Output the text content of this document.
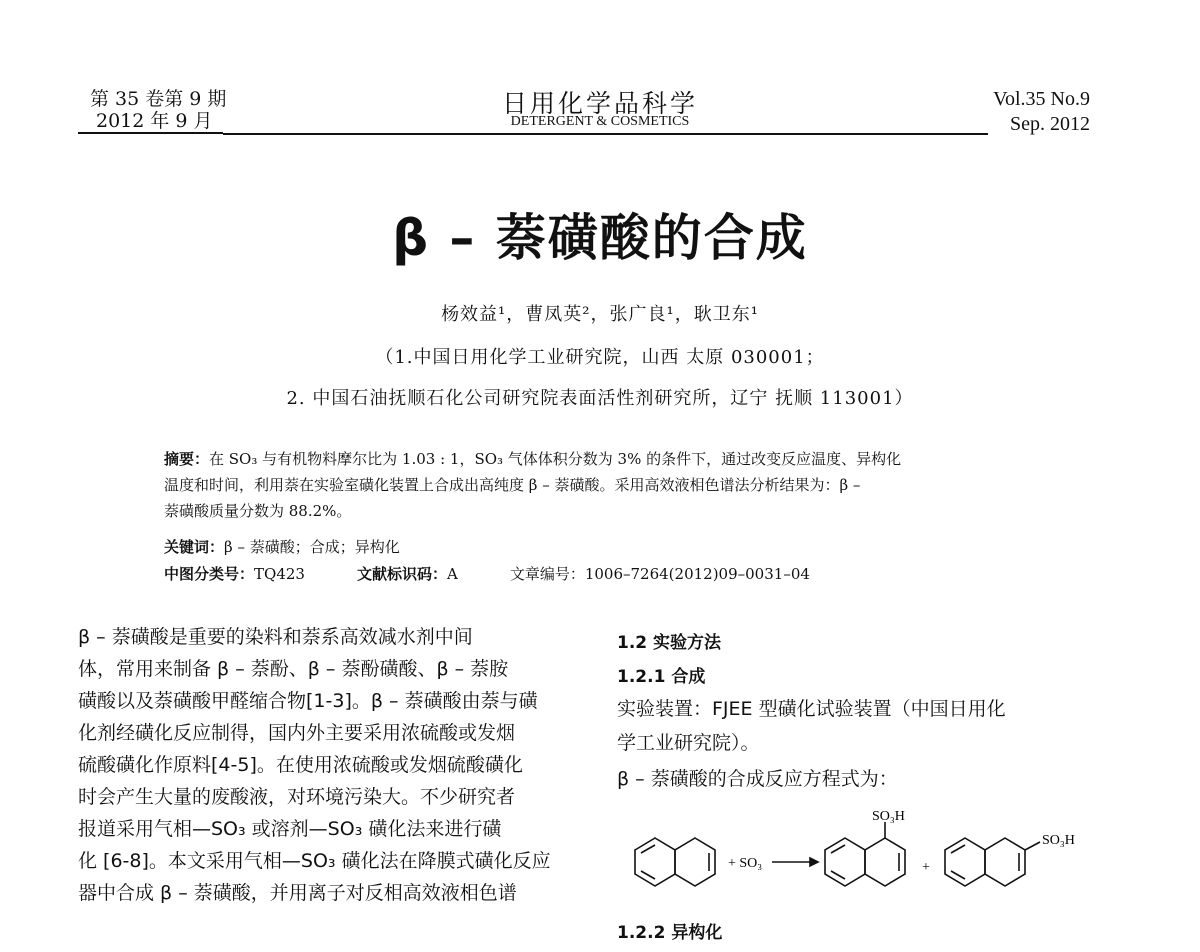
第 35 卷第 9 期
2012 年 9 月
日用化学品科学
DETERGENT & COSMETICS
Vol.35 No.9
Sep. 2012
β – 萘磺酸的合成
杨效益¹，曹凤英²，张广良¹，耿卫东¹
（1.中国日用化学工业研究院，山西 太原 030001；
2. 中国石油抚顺石化公司研究院表面活性剂研究所，辽宁 抚顺 113001）
摘要：在 SO₃ 与有机物料摩尔比为 1.03 : 1，SO₃ 气体体积分数为 3% 的条件下，通过改变反应温度、异构化
温度和时间，利用萘在实验室磺化装置上合成出高纯度 β – 萘磺酸。采用高效液相色谱法分析结果为：β –
萘磺酸质量分数为 88.2%。
关键词：β – 萘磺酸；合成；异构化
中图分类号：TQ423	文献标识码：A	文章编号：1006–7264(2012)09–0031–04
β – 萘磺酸是重要的染料和萘系高效减水剂中间
体，常用来制备 β – 萘酚、β – 萘酚磺酸、β – 萘胺
磺酸以及萘磺酸甲醛缩合物[1-3]。β – 萘磺酸由萘与磺
化剂经磺化反应制得，国内外主要采用浓硫酸或发烟
硫酸磺化作原料[4-5]。在使用浓硫酸或发烟硫酸磺化
时会产生大量的废酸液，对环境污染大。不少研究者
报道采用气相—SO₃ 或溶剂—SO₃ 磺化法来进行磺
化 [6-8]。本文采用气相—SO₃ 磺化法在降膜式磺化反应
器中合成 β – 萘磺酸，并用离子对反相高效液相色谱
1.2 实验方法
1.2.1 合成
实验装置：FJEE 型磺化试验装置（中国日用化
学工业研究院）。
β – 萘磺酸的合成反应方程式为：
+ SO₃
SO₃H
+
SO₃H
1.2.2 异构化
